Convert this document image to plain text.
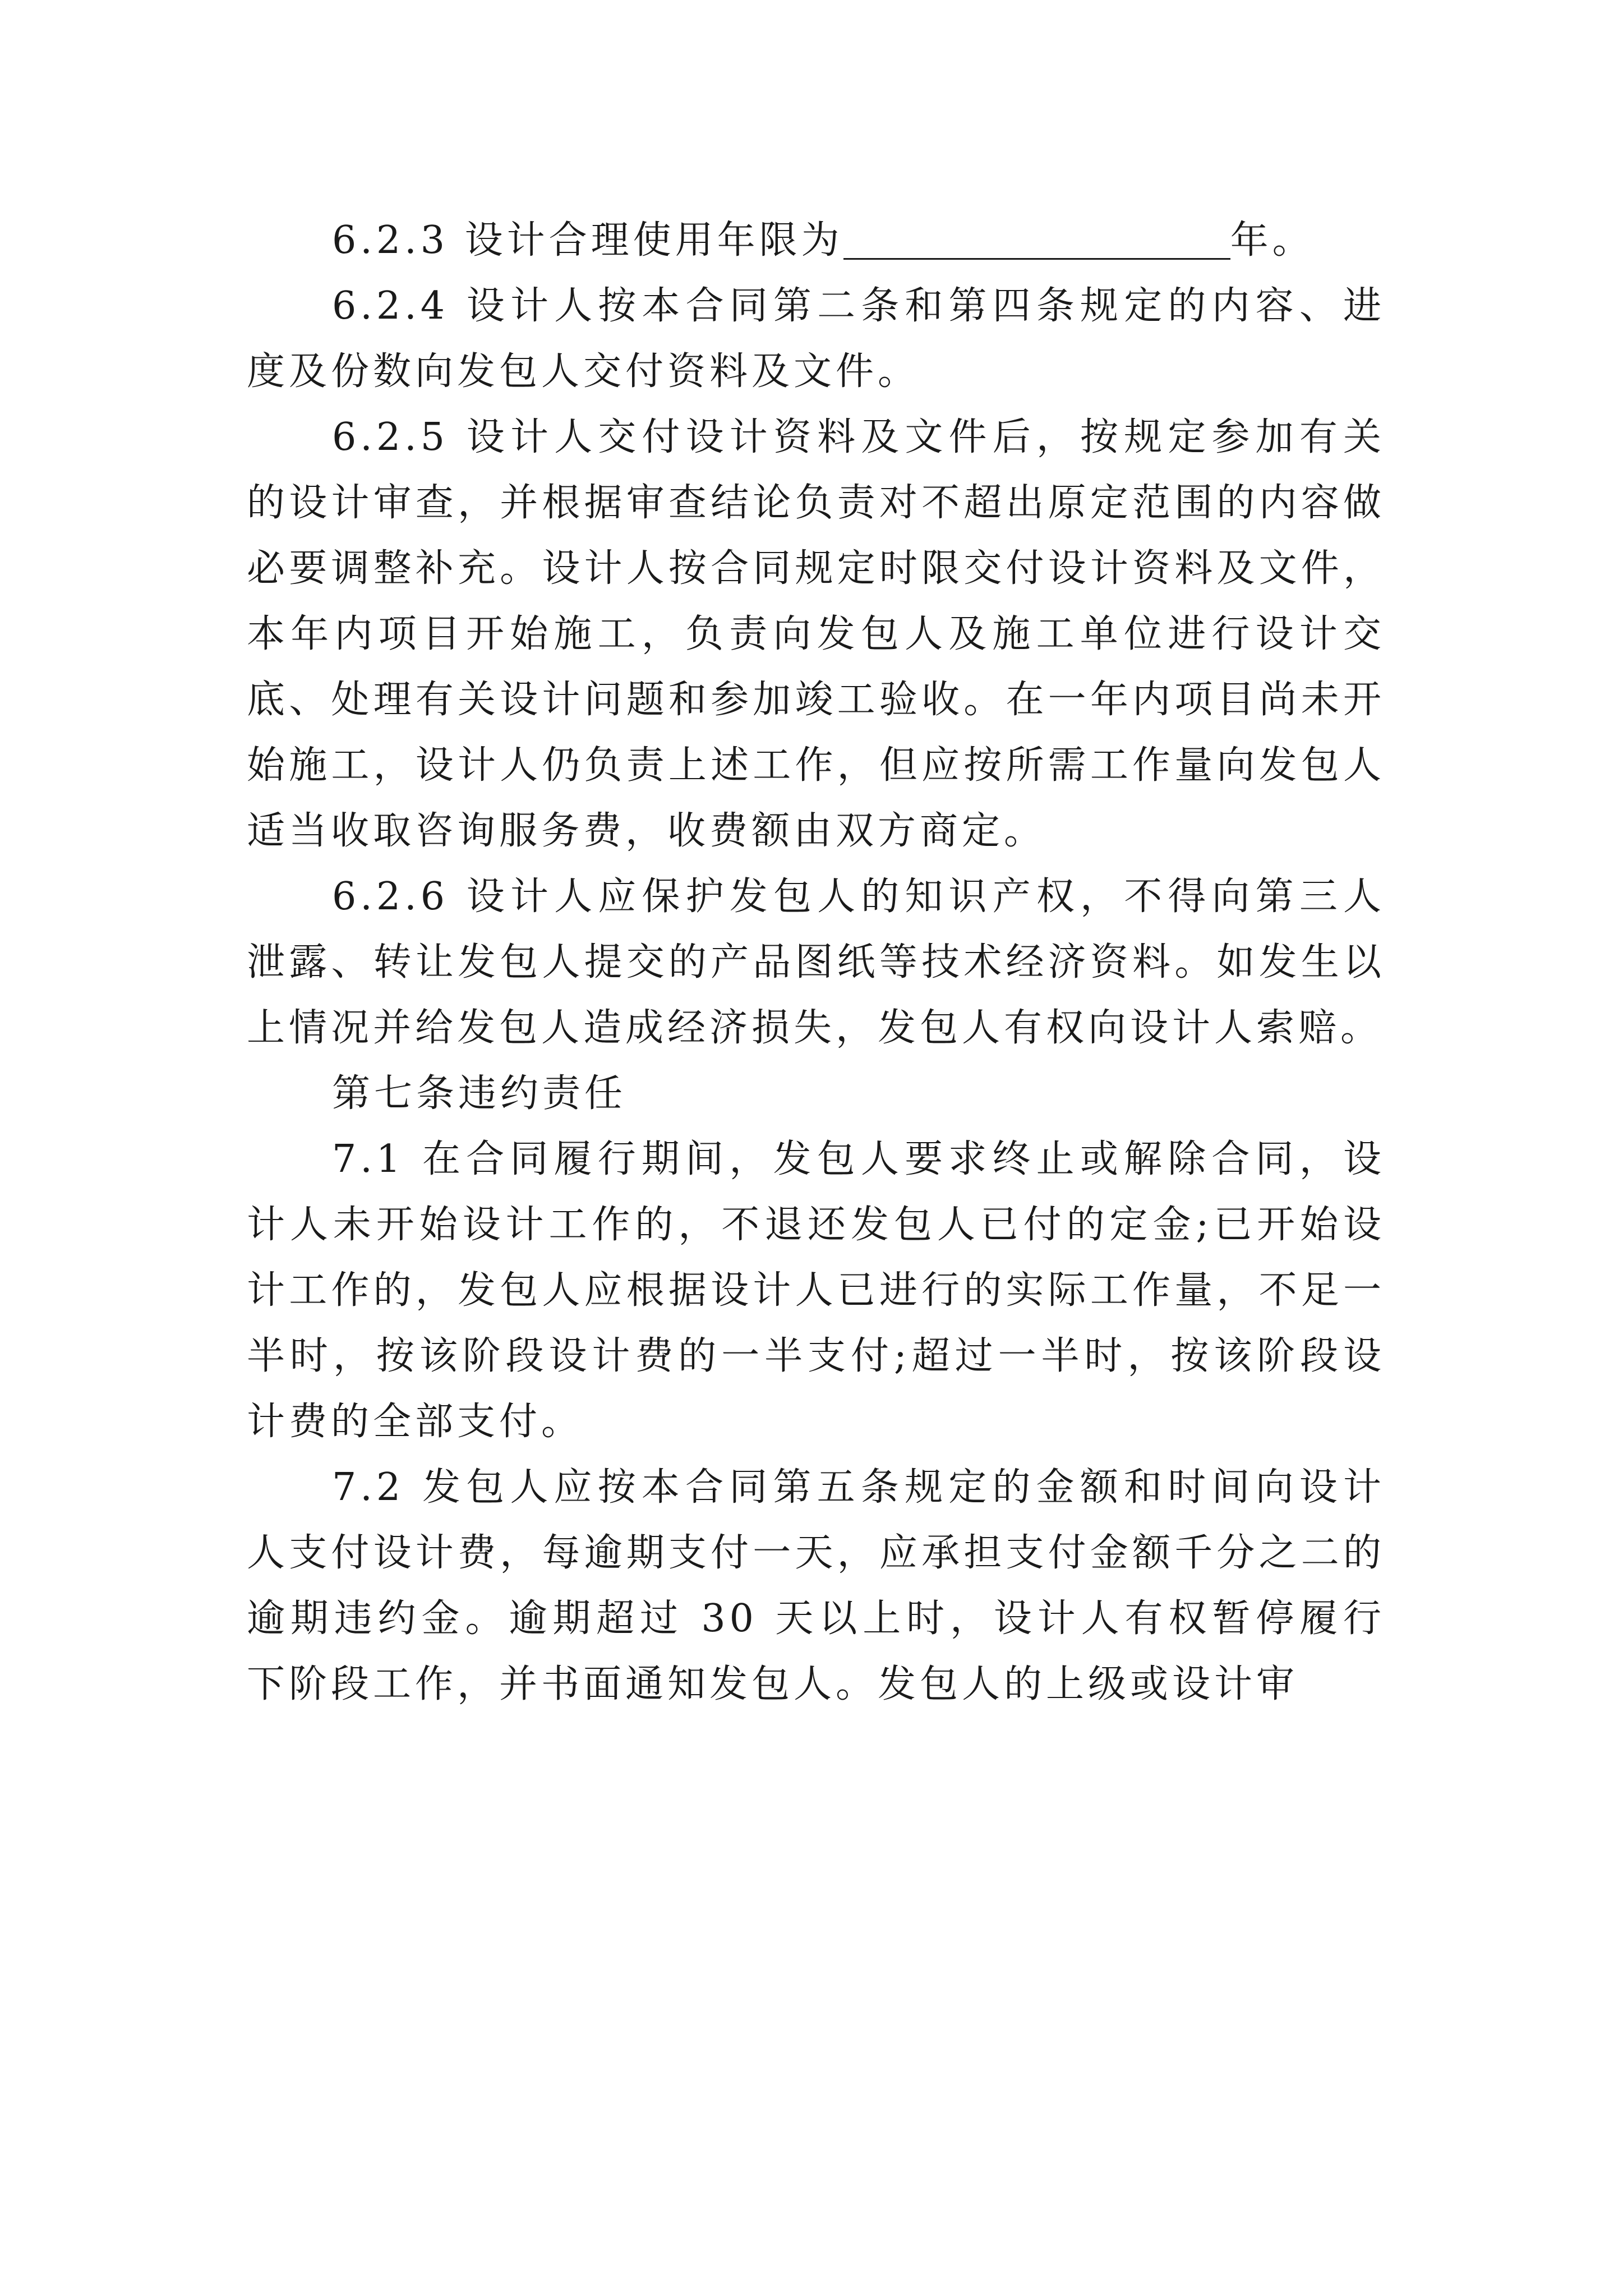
6.2.3 设计合理使用年限为	年。

6.2.4 设计人按本合同第二条和第四条规定的内容、进度及份数向发包人交付资料及文件。

6.2.5 设计人交付设计资料及文件后，按规定参加有关的设计审查，并根据审查结论负责对不超出原定范围的内容做必要调整补充。设计人按合同规定时限交付设计资料及文件，本年内项目开始施工，负责向发包人及施工单位进行设计交底、处理有关设计问题和参加竣工验收。在一年内项目尚未开始施工，设计人仍负责上述工作，但应按所需工作量向发包人适当收取咨询服务费，收费额由双方商定。

6.2.6 设计人应保护发包人的知识产权，不得向第三人泄露、转让发包人提交的产品图纸等技术经济资料。如发生以上情况并给发包人造成经济损失，发包人有权向设计人索赔。

第七条违约责任

7.1 在合同履行期间，发包人要求终止或解除合同，设计人未开始设计工作的，不退还发包人已付的定金;已开始设计工作的，发包人应根据设计人已进行的实际工作量，不足一半时，按该阶段设计费的一半支付;超过一半时，按该阶段设计费的全部支付。

7.2 发包人应按本合同第五条规定的金额和时间向设计人支付设计费，每逾期支付一天，应承担支付金额千分之二的逾期违约金。逾期超过 30 天以上时，设计人有权暂停履行下阶段工作，并书面通知发包人。发包人的上级或设计审
